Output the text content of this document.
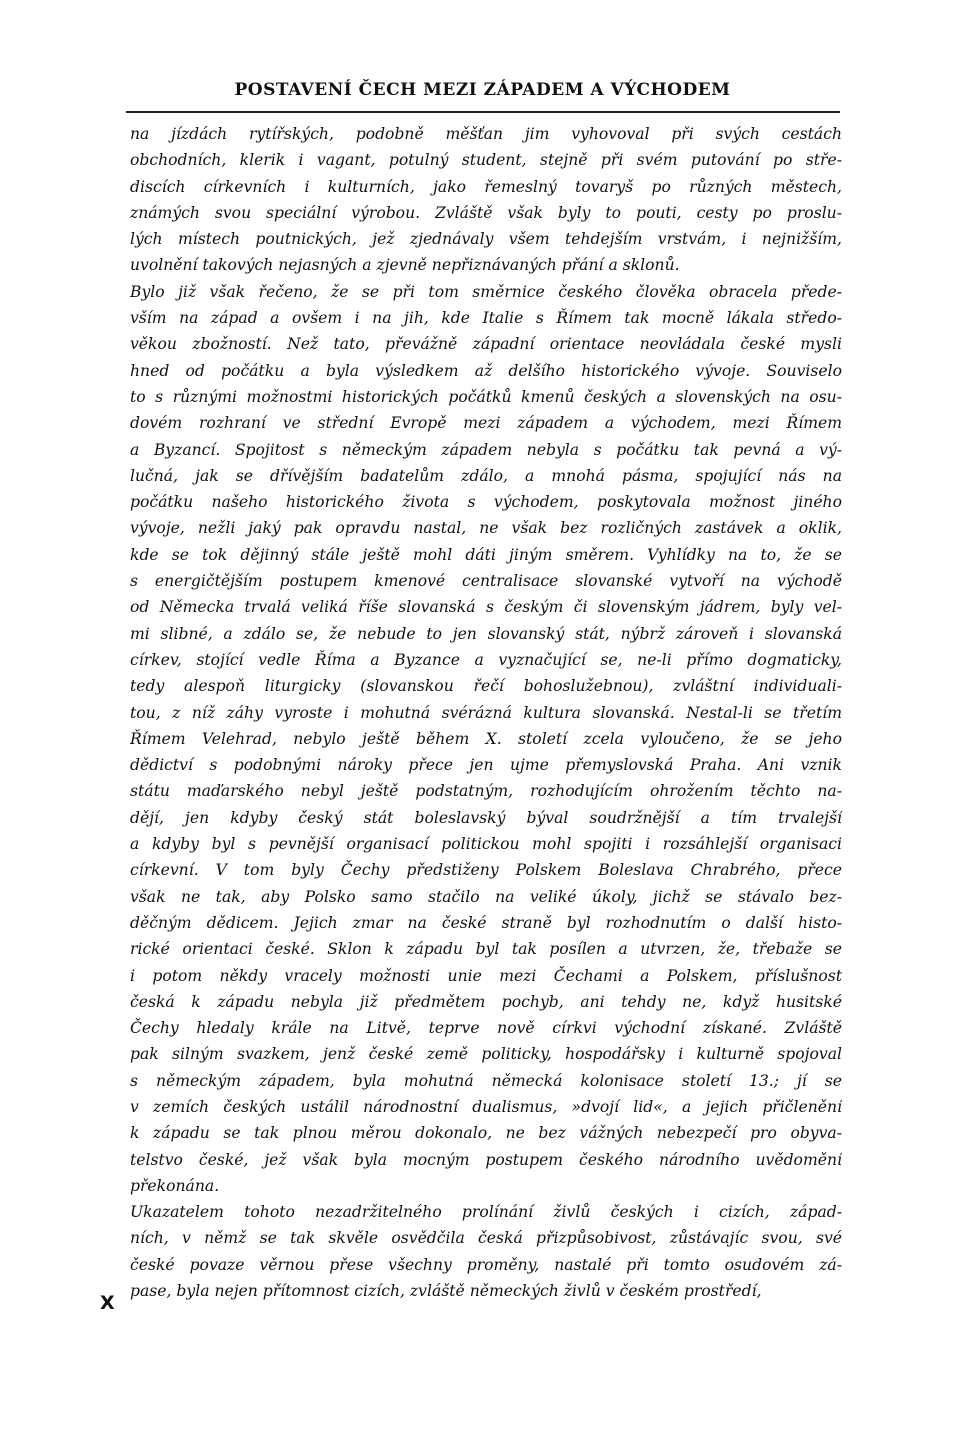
POSTAVENÍ ČECH MEZI ZÁPADEM A VÝCHODEM
na jízdách rytířských, podobně měšťan jim vyhovoval při svých cestách
obchodních, klerik i vagant, potulný student, stejně při svém putování po stře-
discích církevních i kulturních, jako řemeslný tovaryš po různých městech,
známých svou speciální výrobou. Zvláště však byly to pouti, cesty po proslu-
lých místech poutnických, jež zjednávaly všem tehdejším vrstvám, i nejnižším,
uvolnění takových nejasných a zjevně nepřiznávaných přání a sklonů.
Bylo již však řečeno, že se při tom směrnice českého člověka obracela přede-
vším na západ a ovšem i na jih, kde Italie s Římem tak mocně lákala středo-
věkou zbožností. Než tato, převážně západní orientace neovládala české mysli
hned od počátku a byla výsledkem až delšího historického vývoje. Souviselo
to s různými možnostmi historických počátků kmenů českých a slovenských na osu-
dovém rozhraní ve střední Evropě mezi západem a východem, mezi Římem
a Byzancí. Spojitost s německým západem nebyla s počátku tak pevná a vý-
lučná, jak se dřívějším badatelům zdálo, a mnohá pásma, spojující nás na
počátku našeho historického života s východem, poskytovala možnost jiného
vývoje, nežli jaký pak opravdu nastal, ne však bez rozličných zastávek a oklik,
kde se tok dějinný stále ještě mohl dáti jiným směrem. Vyhlídky na to, že se
s energičtějším postupem kmenové centralisace slovanské vytvoří na východě
od Německa trvalá veliká říše slovanská s českým či slovenským jádrem, byly vel-
mi slibné, a zdálo se, že nebude to jen slovanský stát, nýbrž zároveň i slovanská
církev, stojící vedle Říma a Byzance a vyznačující se, ne-li přímo dogmaticky,
tedy alespoň liturgicky (slovanskou řečí bohoslužebnou), zvláštní individuali-
tou, z níž záhy vyroste i mohutná svérázná kultura slovanská. Nestal-li se třetím
Římem Velehrad, nebylo ještě během X. století zcela vyloučeno, že se jeho
dědictví s podobnými nároky přece jen ujme přemyslovská Praha. Ani vznik
státu maďarského nebyl ještě podstatným, rozhodujícím ohrožením těchto na-
dějí, jen kdyby český stát boleslavský býval soudržnější a tím trvalejší
a kdyby byl s pevnější organisací politickou mohl spojiti i rozsáhlejší organisaci
církevní. V tom byly Čechy předstiženy Polskem Boleslava Chrabrého, přece
však ne tak, aby Polsko samo stačilo na veliké úkoly, jichž se stávalo bez-
děčným dědicem. Jejich zmar na české straně byl rozhodnutím o další histo-
rické orientaci české. Sklon k západu byl tak posílen a utvrzen, že, třebaže se
i potom někdy vracely možnosti unie mezi Čechami a Polskem, příslušnost
česká k západu nebyla již předmětem pochyb, ani tehdy ne, když husitské
Čechy hledaly krále na Litvě, teprve nově církvi východní získané. Zvláště
pak silným svazkem, jenž české země politicky, hospodářsky i kulturně spojoval
s německým západem, byla mohutná německá kolonisace století 13.; jí se
v zemích českých ustálil národnostní dualismus, »dvojí lid«, a jejich přičlenění
k západu se tak plnou měrou dokonalo, ne bez vážných nebezpečí pro obyva-
telstvo české, jež však byla mocným postupem českého národního uvědomění
překonána.
Ukazatelem tohoto nezadržitelného prolínání živlů českých i cizích, západ-
ních, v němž se tak skvěle osvědčila česká přizpůsobivost, zůstávajíc svou, své
české povaze věrnou přese všechny proměny, nastalé při tomto osudovém zá-
pase, byla nejen přítomnost cizích, zvláště německých živlů v českém prostředí,
X
